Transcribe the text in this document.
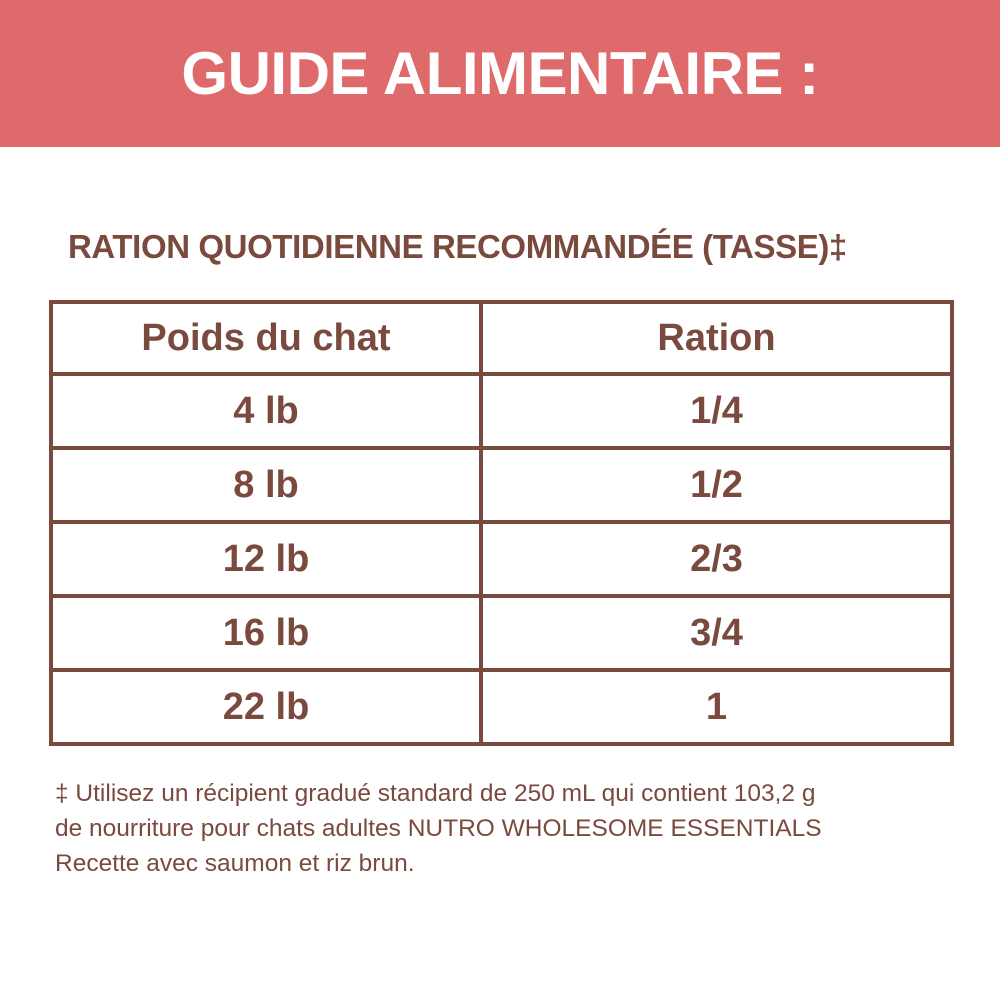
GUIDE ALIMENTAIRE :
RATION QUOTIDIENNE RECOMMANDÉE (TASSE)‡
Poids du chat	Ration
4 lb	1/4
8 lb	1/2
12 lb	2/3
16 lb	3/4
22 lb	1
‡ Utilisez un récipient gradué standard de 250 mL qui contient 103,2 g
de nourriture pour chats adultes NUTRO WHOLESOME ESSENTIALS
Recette avec saumon et riz brun.
